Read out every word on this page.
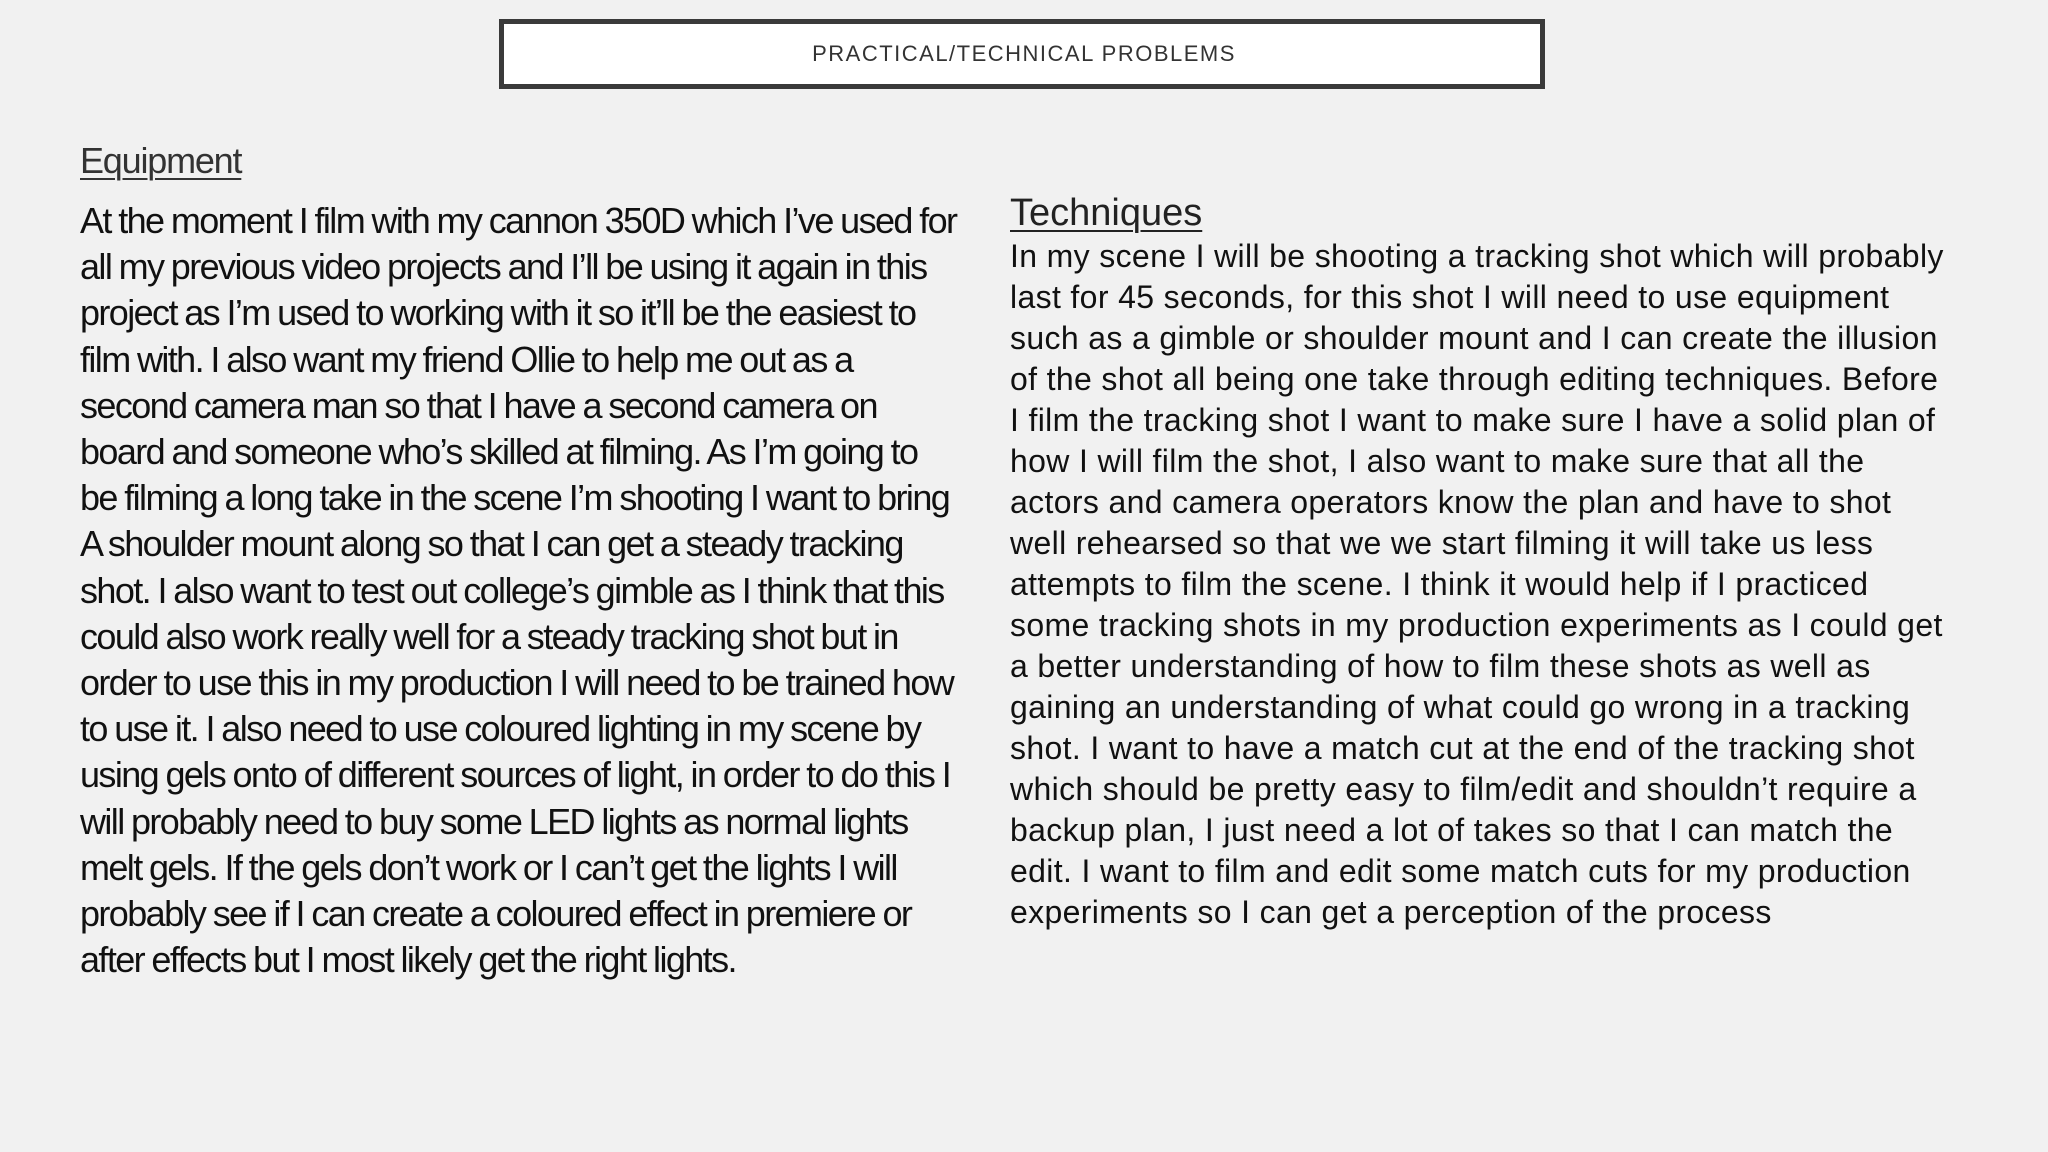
PRACTICAL/TECHNICAL PROBLEMS
Equipment

At the moment I film with my cannon 350D which I’ve used for all my previous video projects and I’ll be using it again in this project as I’m used to working with it so it’ll be the easiest to film with. I also want my friend Ollie to help me out as a second camera man so that I have a second camera on board and someone who’s skilled at filming. As I’m going to be filming a long take in the scene I’m shooting I want to bring A shoulder mount along so that I can get a steady tracking shot. I also want to test out college’s gimble as I think that this could also work really well for a steady tracking shot but in order to use this in my production I will need to be trained how to use it. I also need to use coloured lighting in my scene by using gels onto of different sources of light, in order to do this I will probably need to buy some LED lights as normal lights melt gels. If the gels don’t work or I can’t get the lights I will probably see if I can create a coloured effect in premiere or after effects but I most likely get the right lights.

Techniques

In my scene I will be shooting a tracking shot which will probably last for 45 seconds, for this shot I will need to use equipment such as a gimble or shoulder mount and I can create the illusion of the shot all being one take through editing techniques. Before I film the tracking shot I want to make sure I have a solid plan of how I will film the shot, I also want to make sure that all the actors and camera operators know the plan and have to shot well rehearsed so that we we start filming it will take us less attempts to film the scene. I think it would help if I practiced some tracking shots in my production experiments as I could get a better understanding of how to film these shots as well as gaining an understanding of what could go wrong in a tracking shot. I want to have a match cut at the end of the tracking shot which should be pretty easy to film/edit and shouldn’t require a backup plan, I just need a lot of takes so that I can match the edit. I want to film and edit some match cuts for my production experiments so I can get a perception of the process
